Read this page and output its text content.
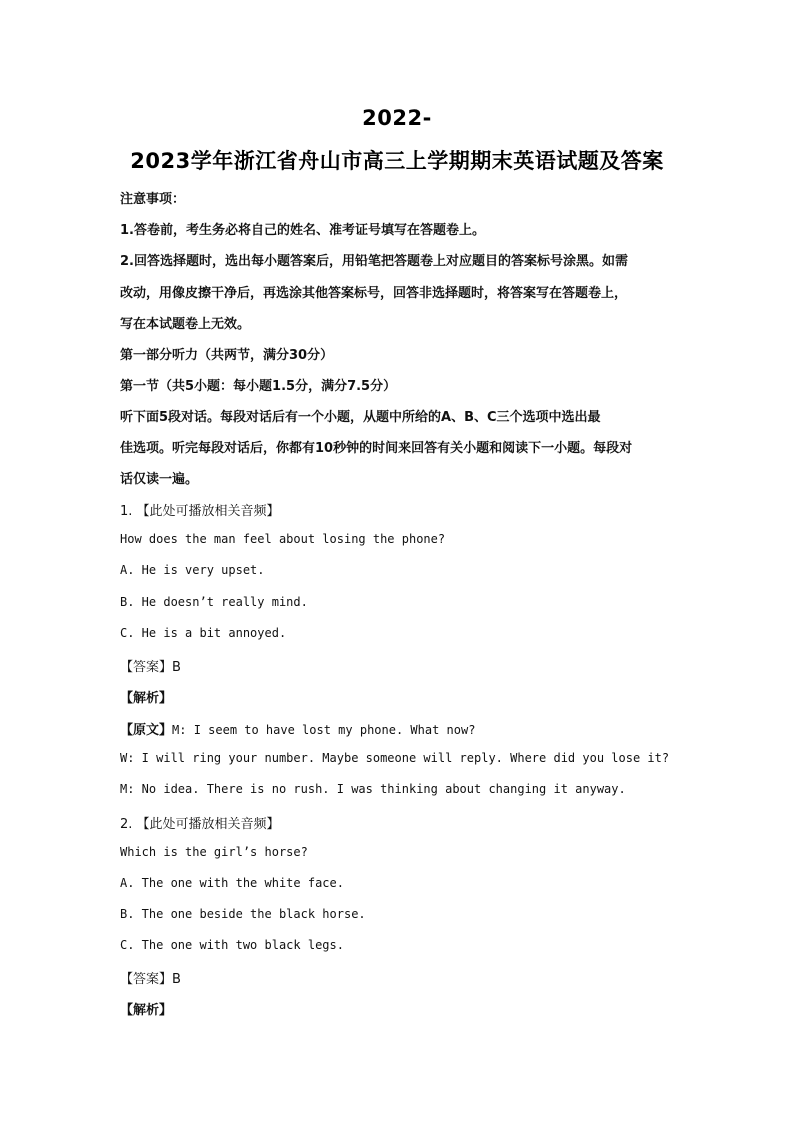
2022-
2023学年浙江省舟山市高三上学期期末英语试题及答案
注意事项：
1.答卷前，考生务必将自己的姓名、准考证号填写在答题卷上。
2.回答选择题时，选出每小题答案后，用铅笔把答题卷上对应题目的答案标号涂黑。如需
改动，用像皮擦干净后，再选涂其他答案标号，回答非选择题时，将答案写在答题卷上，
写在本试题卷上无效。
第一部分听力（共两节，满分30分）
第一节（共5小题：每小题1.5分，满分7.5分）
听下面5段对话。每段对话后有一个小题，从题中所给的A、B、C三个选项中选出最
佳选项。听完每段对话后，你都有10秒钟的时间来回答有关小题和阅读下一小题。每段对
话仅读一遍。
1. 【此处可播放相关音频】
How does the man feel about losing the phone?
A. He is very upset.
B. He doesn’t really mind.
C. He is a bit annoyed.
【答案】B
【解析】
【原文】M: I seem to have lost my phone. What now?
W: I will ring your number. Maybe someone will reply. Where did you lose it?
M: No idea. There is no rush. I was thinking about changing it anyway.
2. 【此处可播放相关音频】
Which is the girl’s horse?
A. The one with the white face.
B. The one beside the black horse.
C. The one with two black legs.
【答案】B
【解析】
